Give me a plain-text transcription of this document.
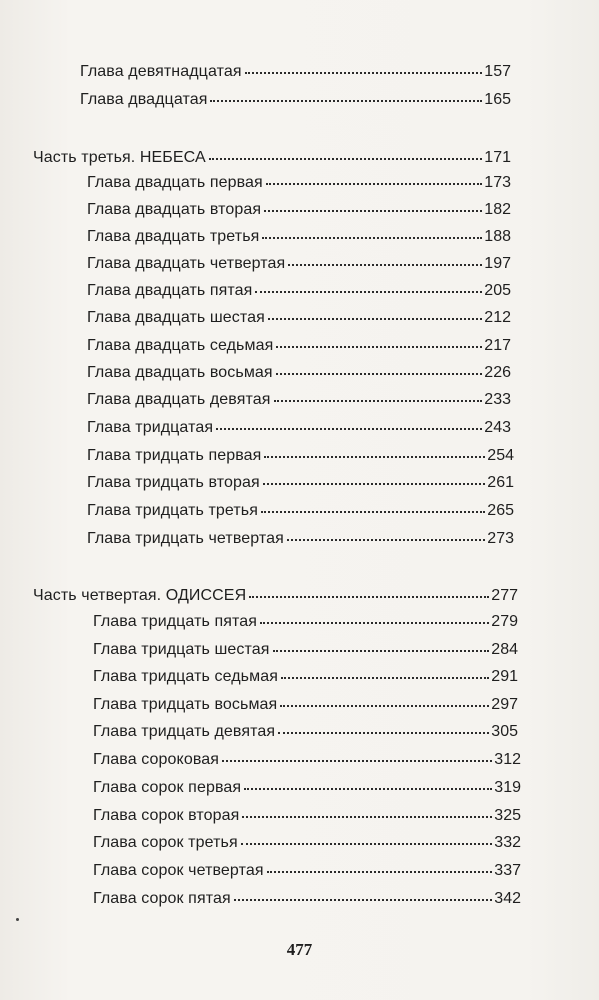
Глава девятнадцатая	157
Глава двадцатая	165
Часть третья. НЕБЕСА	171
Глава двадцать первая	173
Глава двадцать вторая	182
Глава двадцать третья	188
Глава двадцать четвертая	197
Глава двадцать пятая	205
Глава двадцать шестая	212
Глава двадцать седьмая	217
Глава двадцать восьмая	226
Глава двадцать девятая	233
Глава тридцатая	243
Глава тридцать первая	254
Глава тридцать вторая	261
Глава тридцать третья	265
Глава тридцать четвертая	273
Часть четвертая. ОДИССЕЯ	277
Глава тридцать пятая	279
Глава тридцать шестая	284
Глава тридцать седьмая	291
Глава тридцать восьмая	297
Глава тридцать девятая	305
Глава сороковая	312
Глава сорок первая	319
Глава сорок вторая	325
Глава сорок третья	332
Глава сорок четвертая	337
Глава сорок пятая	342
477
